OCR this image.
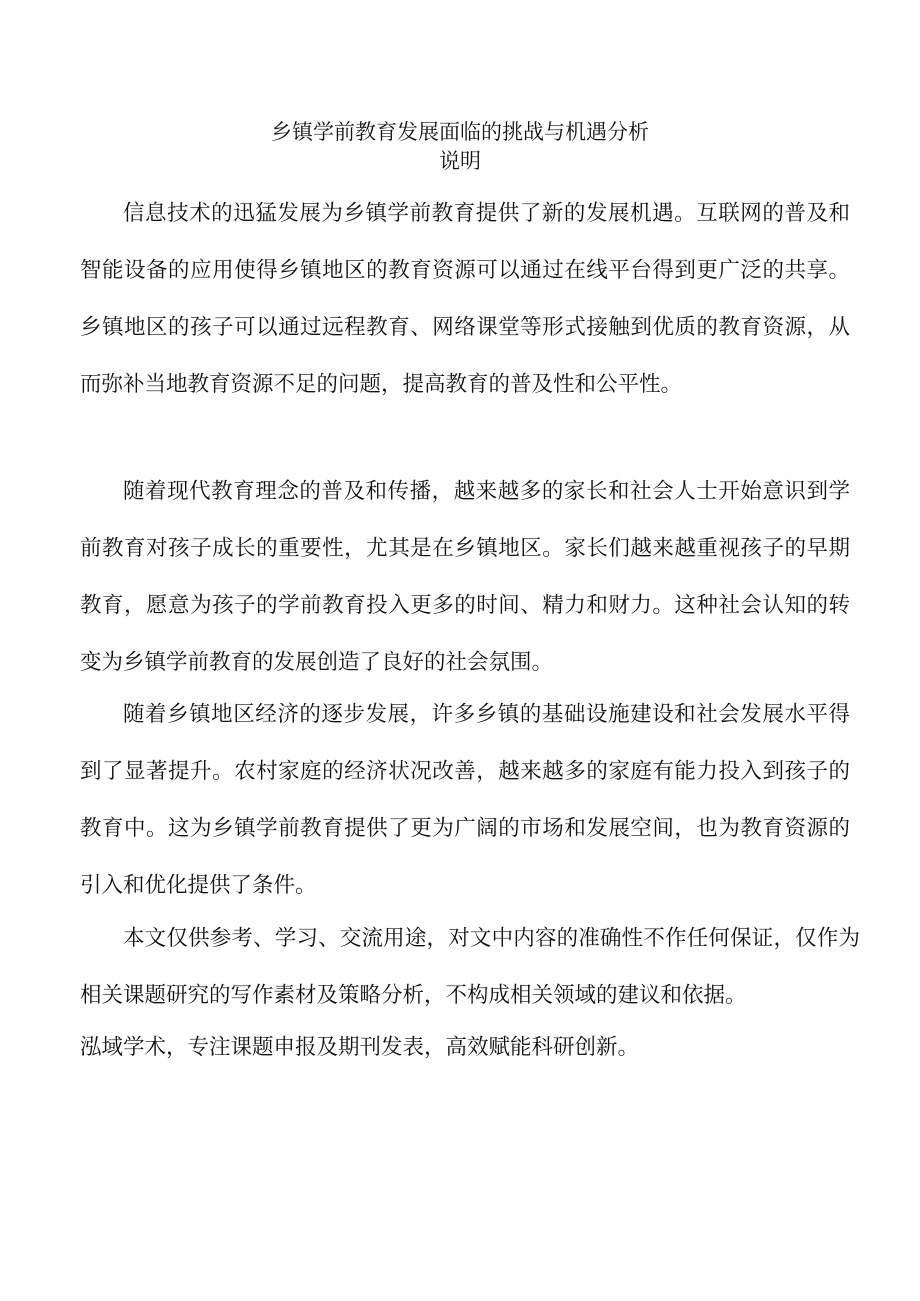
乡镇学前教育发展面临的挑战与机遇分析
说明

信息技术的迅猛发展为乡镇学前教育提供了新的发展机遇。互联网的普及和智能设备的应用使得乡镇地区的教育资源可以通过在线平台得到更广泛的共享。乡镇地区的孩子可以通过远程教育、网络课堂等形式接触到优质的教育资源，从而弥补当地教育资源不足的问题，提高教育的普及性和公平性。

随着现代教育理念的普及和传播，越来越多的家长和社会人士开始意识到学前教育对孩子成长的重要性，尤其是在乡镇地区。家长们越来越重视孩子的早期教育，愿意为孩子的学前教育投入更多的时间、精力和财力。这种社会认知的转变为乡镇学前教育的发展创造了良好的社会氛围。

随着乡镇地区经济的逐步发展，许多乡镇的基础设施建设和社会发展水平得到了显著提升。农村家庭的经济状况改善，越来越多的家庭有能力投入到孩子的教育中。这为乡镇学前教育提供了更为广阔的市场和发展空间，也为教育资源的引入和优化提供了条件。

本文仅供参考、学习、交流用途，对文中内容的准确性不作任何保证，仅作为相关课题研究的写作素材及策略分析，不构成相关领域的建议和依据。

泓域学术，专注课题申报及期刊发表，高效赋能科研创新。
